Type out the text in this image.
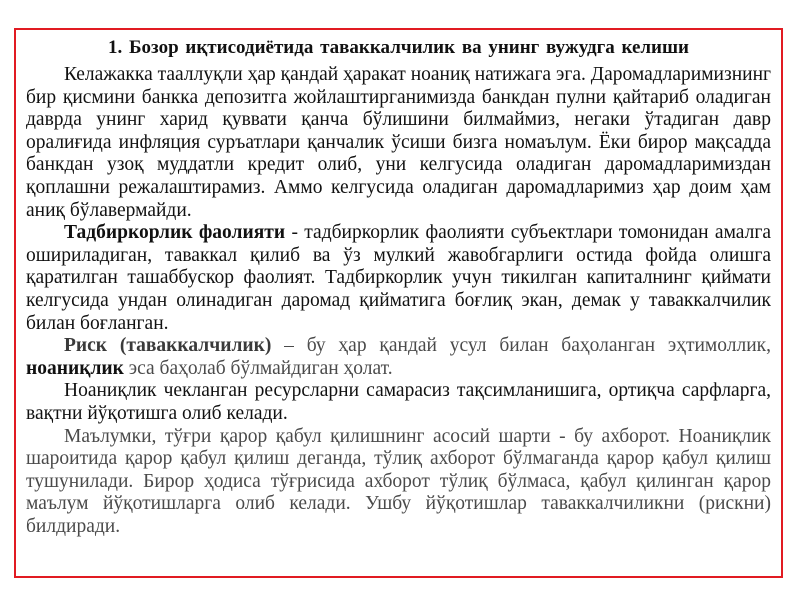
1. Бозор иқтисодиётида таваккалчилик ва унинг вужудга келиши

Келажакка тааллуқли ҳар қандай ҳаракат ноаниқ натижага эга. Даромадларимизнинг бир қисмини банкка депозитга жойлаштирганимизда банкдан пулни қайтариб оладиган даврда унинг харид қуввати қанча бўлишини билмаймиз, негаки ўтадиган давр оралиғида инфляция суръатлари қанчалик ўсиши бизга номаълум. Ёки бирор мақсадда банкдан узоқ муддатли кредит олиб, уни келгусида оладиган даромадларимиздан қоплашни режалаштирамиз. Аммо келгусида оладиган даромадларимиз ҳар доим ҳам аниқ бўлавермайди.

Тадбиркорлик фаолияти - тадбиркорлик фаолияти субъектлари томонидан амалга ошириладиган, таваккал қилиб ва ўз мулкий жавобгарлиги остида фойда олишга қаратилган ташаббускор фаолият. Тадбиркорлик учун тикилган капиталнинг қиймати келгусида ундан олинадиган даромад қийматига боғлиқ экан, демак у таваккалчилик билан боғланган.

Риск (таваккалчилик) – бу ҳар қандай усул билан баҳоланган эҳтимоллик, ноаниқлик эса баҳолаб бўлмайдиган ҳолат.

Ноаниқлик чекланган ресурсларни самарасиз тақсимланишига, ортиқча сарфларга, вақтни йўқотишга олиб келади.

Маълумки, тўғри қарор қабул қилишнинг асосий шарти - бу ахборот. Ноаниқлик шароитида қарор қабул қилиш деганда, тўлиқ ахборот бўлмаганда қарор қабул қилиш тушунилади. Бирор ҳодиса тўғрисида ахборот тўлиқ бўлмаса, қабул қилинган қарор маълум йўқотишларга олиб келади. Ушбу йўқотишлар таваккалчиликни (рискни) билдиради.
